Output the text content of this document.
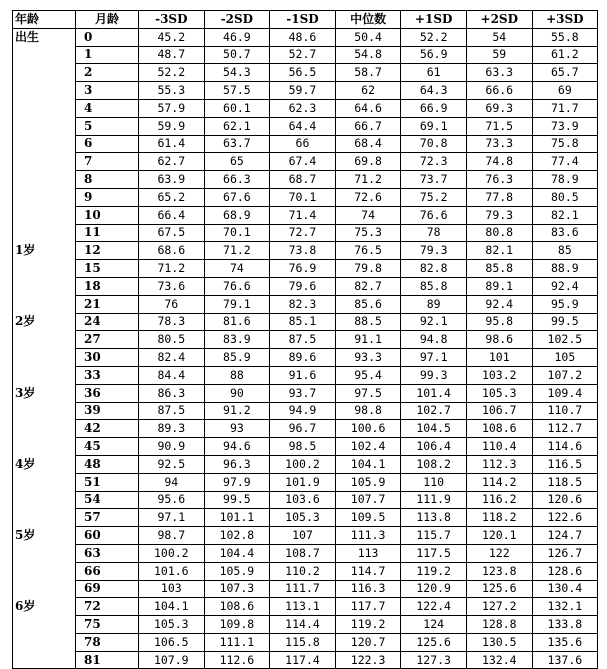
年龄	月龄	-3SD	-2SD	-1SD	中位数	+1SD	+2SD	+3SD
出生	0	45.2	46.9	48.6	50.4	52.2	54	55.8
	1	48.7	50.7	52.7	54.8	56.9	59	61.2
	2	52.2	54.3	56.5	58.7	61	63.3	65.7
	3	55.3	57.5	59.7	62	64.3	66.6	69
	4	57.9	60.1	62.3	64.6	66.9	69.3	71.7
	5	59.9	62.1	64.4	66.7	69.1	71.5	73.9
	6	61.4	63.7	66	68.4	70.8	73.3	75.8
	7	62.7	65	67.4	69.8	72.3	74.8	77.4
	8	63.9	66.3	68.7	71.2	73.7	76.3	78.9
	9	65.2	67.6	70.1	72.6	75.2	77.8	80.5
	10	66.4	68.9	71.4	74	76.6	79.3	82.1
	11	67.5	70.1	72.7	75.3	78	80.8	83.6
1岁	12	68.6	71.2	73.8	76.5	79.3	82.1	85
	15	71.2	74	76.9	79.8	82.8	85.8	88.9
	18	73.6	76.6	79.6	82.7	85.8	89.1	92.4
	21	76	79.1	82.3	85.6	89	92.4	95.9
2岁	24	78.3	81.6	85.1	88.5	92.1	95.8	99.5
	27	80.5	83.9	87.5	91.1	94.8	98.6	102.5
	30	82.4	85.9	89.6	93.3	97.1	101	105
	33	84.4	88	91.6	95.4	99.3	103.2	107.2
3岁	36	86.3	90	93.7	97.5	101.4	105.3	109.4
	39	87.5	91.2	94.9	98.8	102.7	106.7	110.7
	42	89.3	93	96.7	100.6	104.5	108.6	112.7
	45	90.9	94.6	98.5	102.4	106.4	110.4	114.6
4岁	48	92.5	96.3	100.2	104.1	108.2	112.3	116.5
	51	94	97.9	101.9	105.9	110	114.2	118.5
	54	95.6	99.5	103.6	107.7	111.9	116.2	120.6
	57	97.1	101.1	105.3	109.5	113.8	118.2	122.6
5岁	60	98.7	102.8	107	111.3	115.7	120.1	124.7
	63	100.2	104.4	108.7	113	117.5	122	126.7
	66	101.6	105.9	110.2	114.7	119.2	123.8	128.6
	69	103	107.3	111.7	116.3	120.9	125.6	130.4
6岁	72	104.1	108.6	113.1	117.7	122.4	127.2	132.1
	75	105.3	109.8	114.4	119.2	124	128.8	133.8
	78	106.5	111.1	115.8	120.7	125.6	130.5	135.6
	81	107.9	112.6	117.4	122.3	127.3	132.4	137.6
